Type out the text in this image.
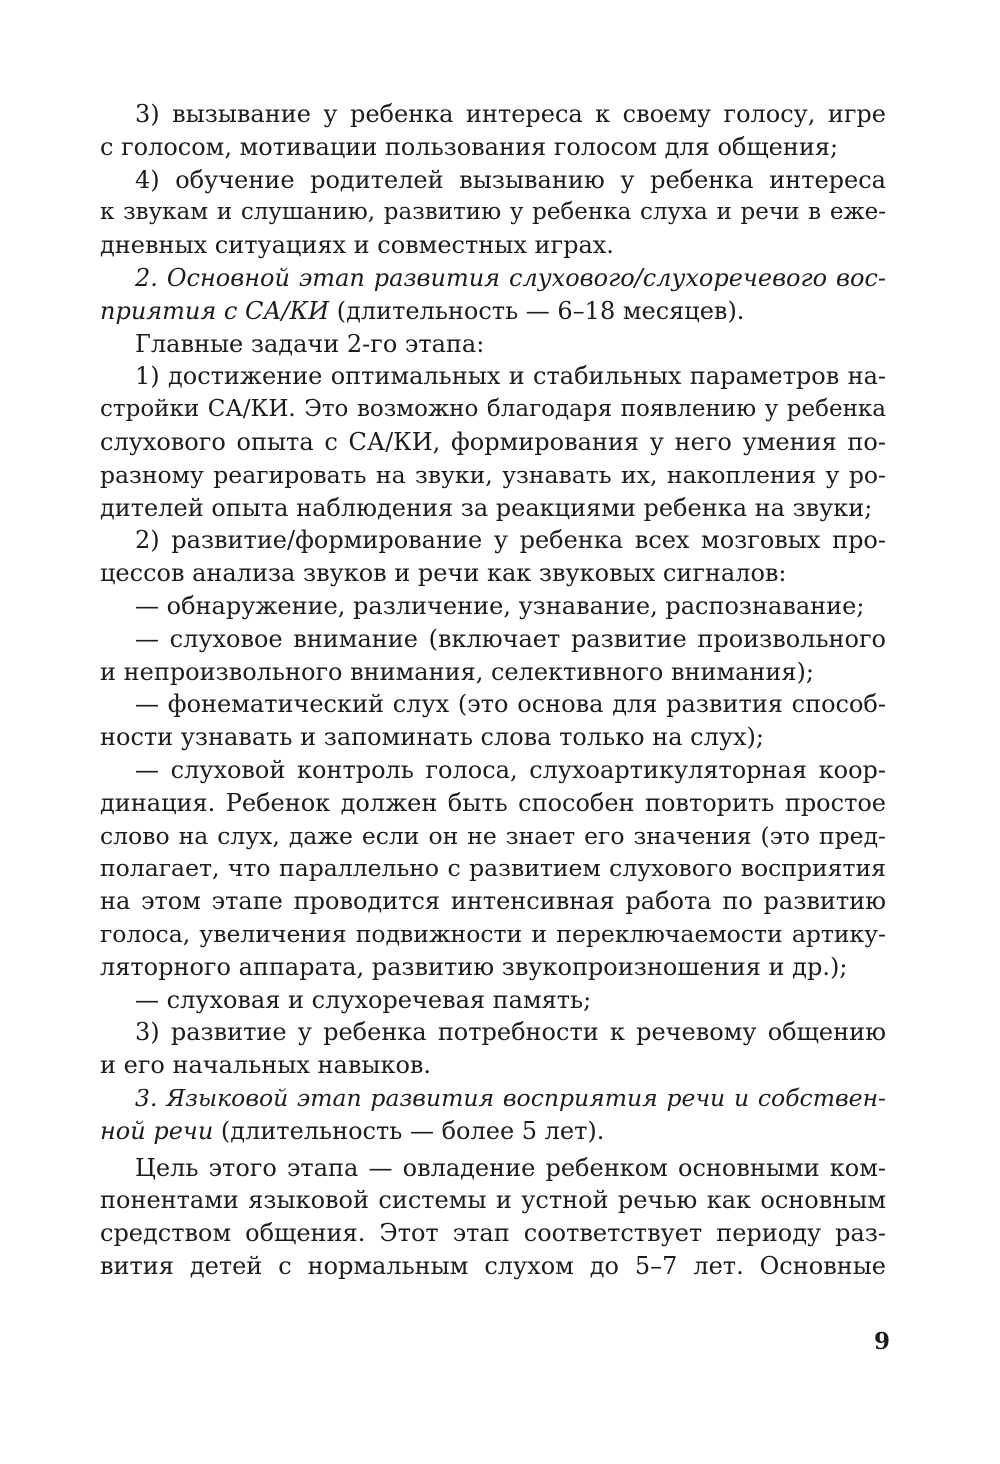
3) вызывание у ребенка интереса к своему голосу, игре
с голосом, мотивации пользования голосом для общения;
4) обучение родителей вызыванию у ребенка интереса
к звукам и слушанию, развитию у ребенка слуха и речи в еже-
дневных ситуациях и совместных играх.
2. Основной этап развития слухового/слухоречевого вос-
приятия с СА/КИ (длительность — 6–18 месяцев).
Главные задачи 2-го этапа:
1) достижение оптимальных и стабильных параметров на-
стройки СА/КИ. Это возможно благодаря появлению у ребенка
слухового опыта с СА/КИ, формирования у него умения по-
разному реагировать на звуки, узнавать их, накопления у ро-
дителей опыта наблюдения за реакциями ребенка на звуки;
2) развитие/формирование у ребенка всех мозговых про-
цессов анализа звуков и речи как звуковых сигналов:
— обнаружение, различение, узнавание, распознавание;
— слуховое внимание (включает развитие произвольного
и непроизвольного внимания, селективного внимания);
— фонематический слух (это основа для развития способ-
ности узнавать и запоминать слова только на слух);
— слуховой контроль голоса, слухоартикуляторная коор-
динация. Ребенок должен быть способен повторить простое
слово на слух, даже если он не знает его значения (это пред-
полагает, что параллельно с развитием слухового восприятия
на этом этапе проводится интенсивная работа по развитию
голоса, увеличения подвижности и переключаемости артику-
ляторного аппарата, развитию звукопроизношения и др.);
— слуховая и слухоречевая память;
3) развитие у ребенка потребности к речевому общению
и его начальных навыков.
3. Языковой этап развития восприятия речи и собствен-
ной речи (длительность — более 5 лет).
Цель этого этапа — овладение ребенком основными ком-
понентами языковой системы и устной речью как основным
средством общения. Этот этап соответствует периоду раз-
вития детей с нормальным слухом до 5–7 лет. Основные
9
